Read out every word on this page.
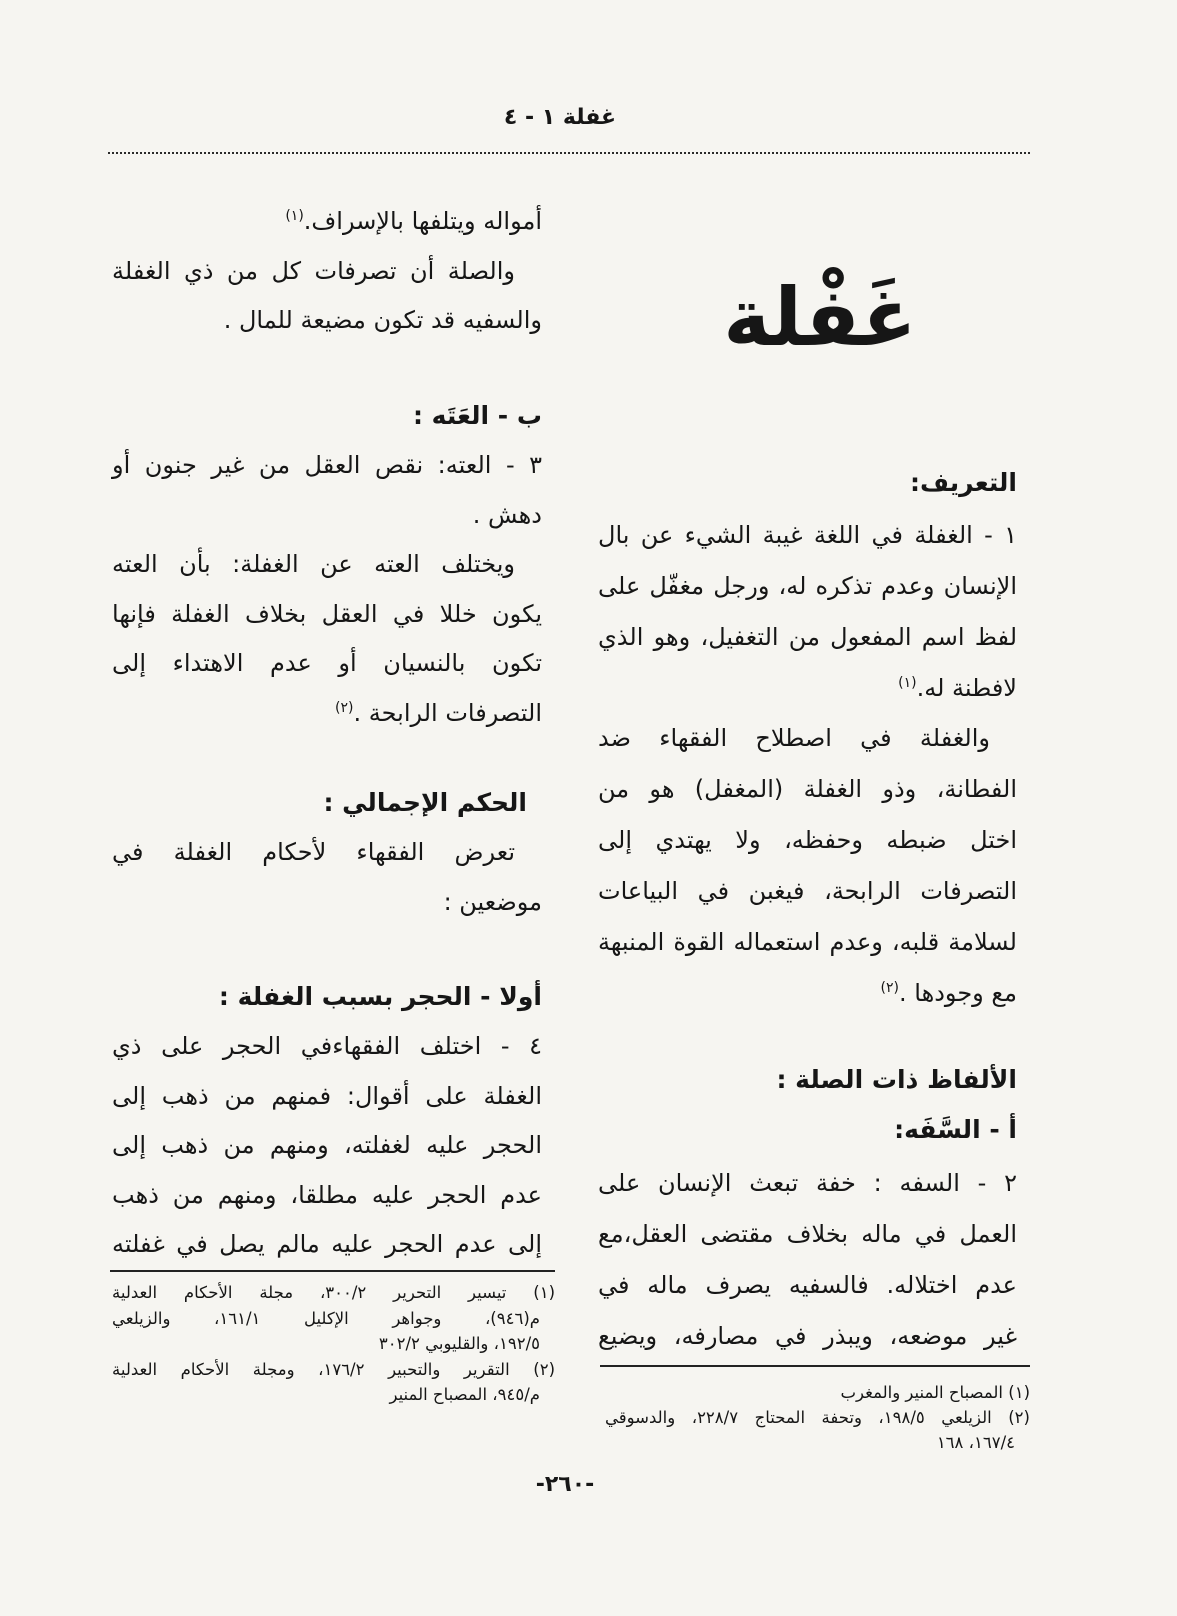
غفلة ١ - ٤
غَفْلة
التعريف:
١ - الغفلة في اللغة غيبة الشيء عن بال
الإنسان وعدم تذكره له، ورجل مغفّل على
لفظ اسم المفعول من التغفيل، وهو الذي
لافطنة له.$^{(١)}$
والغفلة في اصطلاح الفقهاء ضد
الفطانة، وذو الغفلة (المغفل) هو من
اختل ضبطه وحفظه، ولا يهتدي إلى
التصرفات الرابحة، فيغبن في البياعات
لسلامة قلبه، وعدم استعماله القوة المنبهة
مع وجودها .$^{(٢)}$
الألفاظ ذات الصلة :
أ - السَّفَه:
٢ - السفه : خفة تبعث الإنسان على
العمل في ماله بخلاف مقتضى العقل،مع
عدم اختلاله. فالسفيه يصرف ماله في
غير موضعه، ويبذر في مصارفه، ويضيع
(١) المصباح المنير والمغرب
(٢) الزيلعي ١٩٨/٥، وتحفة المحتاج ٢٢٨/٧، والدسوقي
١٦٧/٤، ١٦٨
أمواله ويتلفها بالإسراف.$^{(١)}$
والصلة أن تصرفات كل من ذي الغفلة
والسفيه قد تكون مضيعة للمال .
ب - العَتَه :
٣ - العته: نقص العقل من غير جنون أو
دهش .
ويختلف العته عن الغفلة: بأن العته
يكون خللا في العقل بخلاف الغفلة فإنها
تكون بالنسيان أو عدم الاهتداء إلى
التصرفات الرابحة .$^{(٢)}$
الحكم الإجمالي :
تعرض الفقهاء لأحكام الغفلة في
موضعين :
أولا - الحجر بسبب الغفلة :
٤ - اختلف الفقهاءفي الحجر على ذي
الغفلة على أقوال: فمنهم من ذهب إلى
الحجر عليه لغفلته، ومنهم من ذهب إلى
عدم الحجر عليه مطلقا، ومنهم من ذهب
إلى عدم الحجر عليه مالم يصل في غفلته
(١) تيسير التحرير ٣٠٠/٢، مجلة الأحكام العدلية
م(٩٤٦)، وجواهر الإكليل ١٦١/١، والزيلعي
١٩٢/٥، والقليوبي ٣٠٢/٢
(٢) التقرير والتحبير ١٧٦/٢، ومجلة الأحكام العدلية
م/٩٤٥، المصباح المنير
-٢٦٠-
